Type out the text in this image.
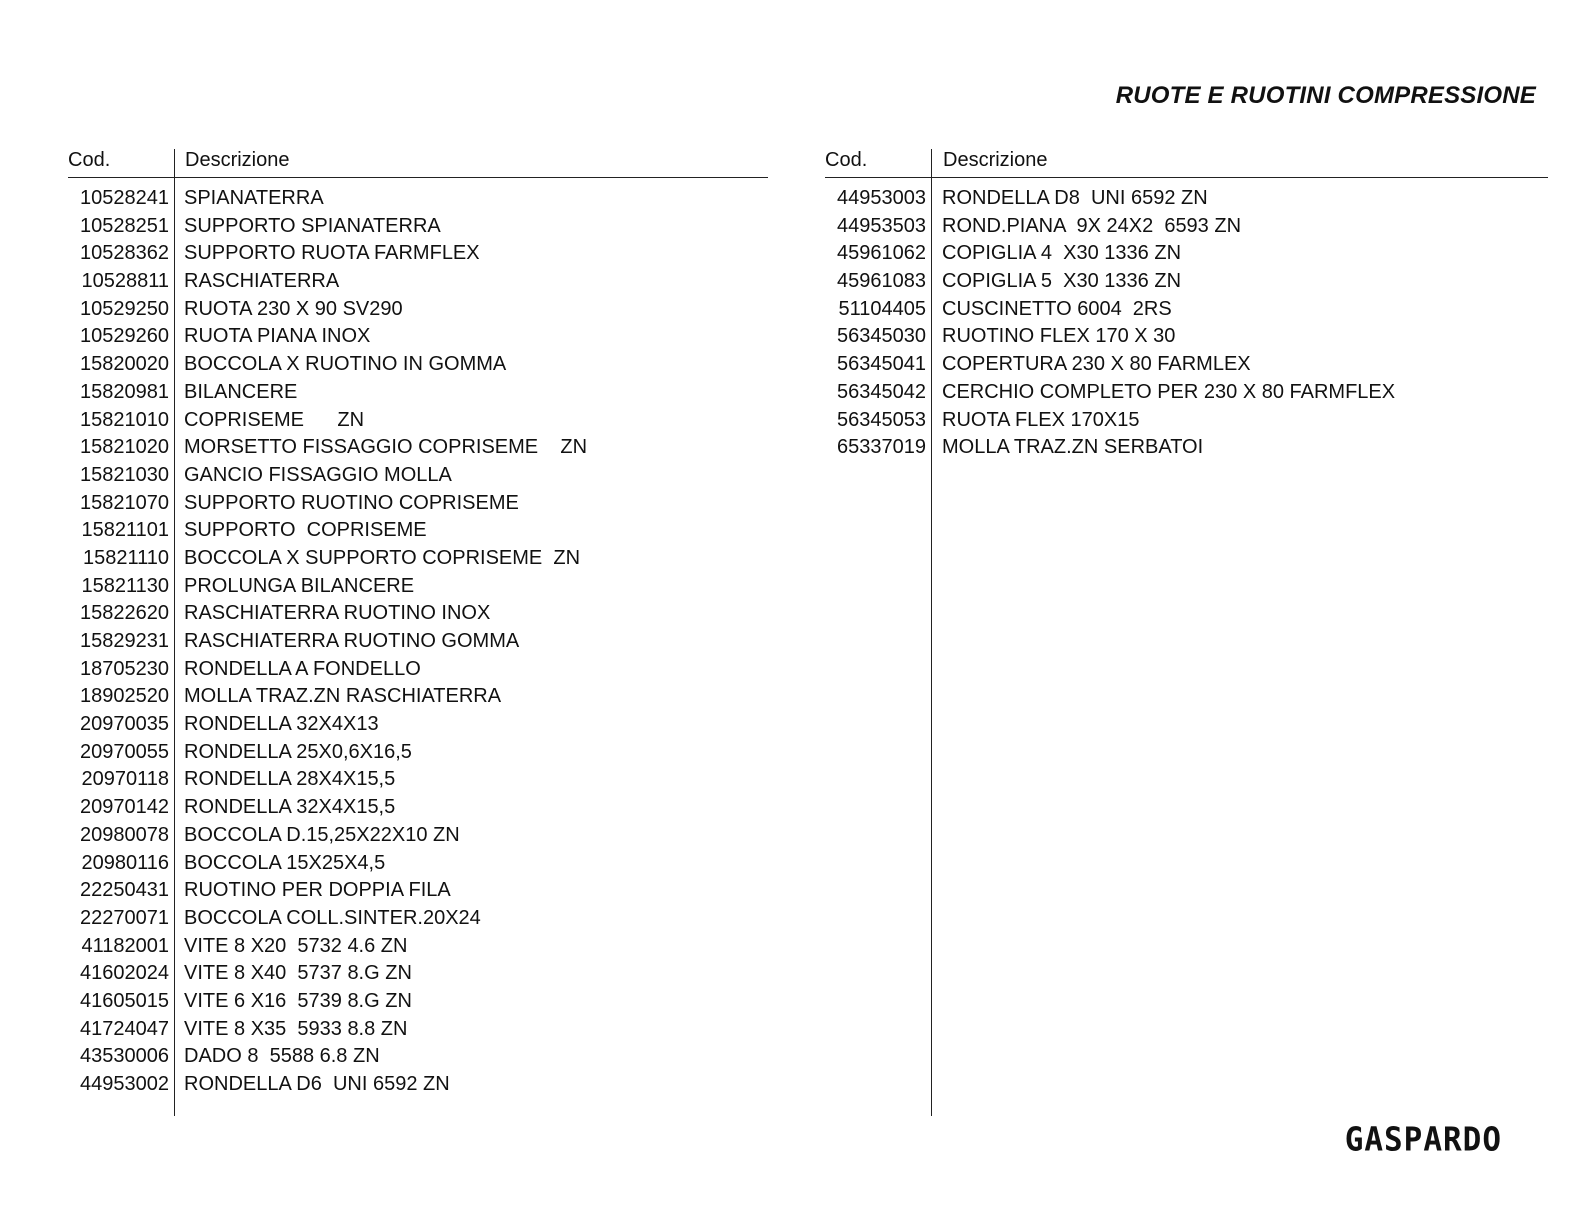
RUOTE E RUOTINI COMPRESSIONE
Cod.	Descrizione
10528241 SPIANATERRA
10528251 SUPPORTO SPIANATERRA
10528362 SUPPORTO RUOTA FARMFLEX
10528811 RASCHIATERRA
10529250 RUOTA 230 X 90 SV290
10529260 RUOTA PIANA INOX
15820020 BOCCOLA X RUOTINO IN GOMMA
15820981 BILANCERE
15821010 COPRISEME      ZN
15821020 MORSETTO FISSAGGIO COPRISEME    ZN
15821030 GANCIO FISSAGGIO MOLLA
15821070 SUPPORTO RUOTINO COPRISEME
15821101 SUPPORTO  COPRISEME
15821110 BOCCOLA X SUPPORTO COPRISEME  ZN
15821130 PROLUNGA BILANCERE
15822620 RASCHIATERRA RUOTINO INOX
15829231 RASCHIATERRA RUOTINO GOMMA
18705230 RONDELLA A FONDELLO
18902520 MOLLA TRAZ.ZN RASCHIATERRA
20970035 RONDELLA 32X4X13
20970055 RONDELLA 25X0,6X16,5
20970118 RONDELLA 28X4X15,5
20970142 RONDELLA 32X4X15,5
20980078 BOCCOLA D.15,25X22X10 ZN
20980116 BOCCOLA 15X25X4,5
22250431 RUOTINO PER DOPPIA FILA
22270071 BOCCOLA COLL.SINTER.20X24
41182001 VITE 8 X20  5732 4.6 ZN
41602024 VITE 8 X40  5737 8.G ZN
41605015 VITE 6 X16  5739 8.G ZN
41724047 VITE 8 X35  5933 8.8 ZN
43530006 DADO 8  5588 6.8 ZN
44953002 RONDELLA D6  UNI 6592 ZN
Cod.	Descrizione
44953003 RONDELLA D8  UNI 6592 ZN
44953503 ROND.PIANA  9X 24X2  6593 ZN
45961062 COPIGLIA 4  X30 1336 ZN
45961083 COPIGLIA 5  X30 1336 ZN
51104405 CUSCINETTO 6004  2RS
56345030 RUOTINO FLEX 170 X 30
56345041 COPERTURA 230 X 80 FARMLEX
56345042 CERCHIO COMPLETO PER 230 X 80 FARMFLEX
56345053 RUOTA FLEX 170X15
65337019 MOLLA TRAZ.ZN SERBATOI
GASPARDO
